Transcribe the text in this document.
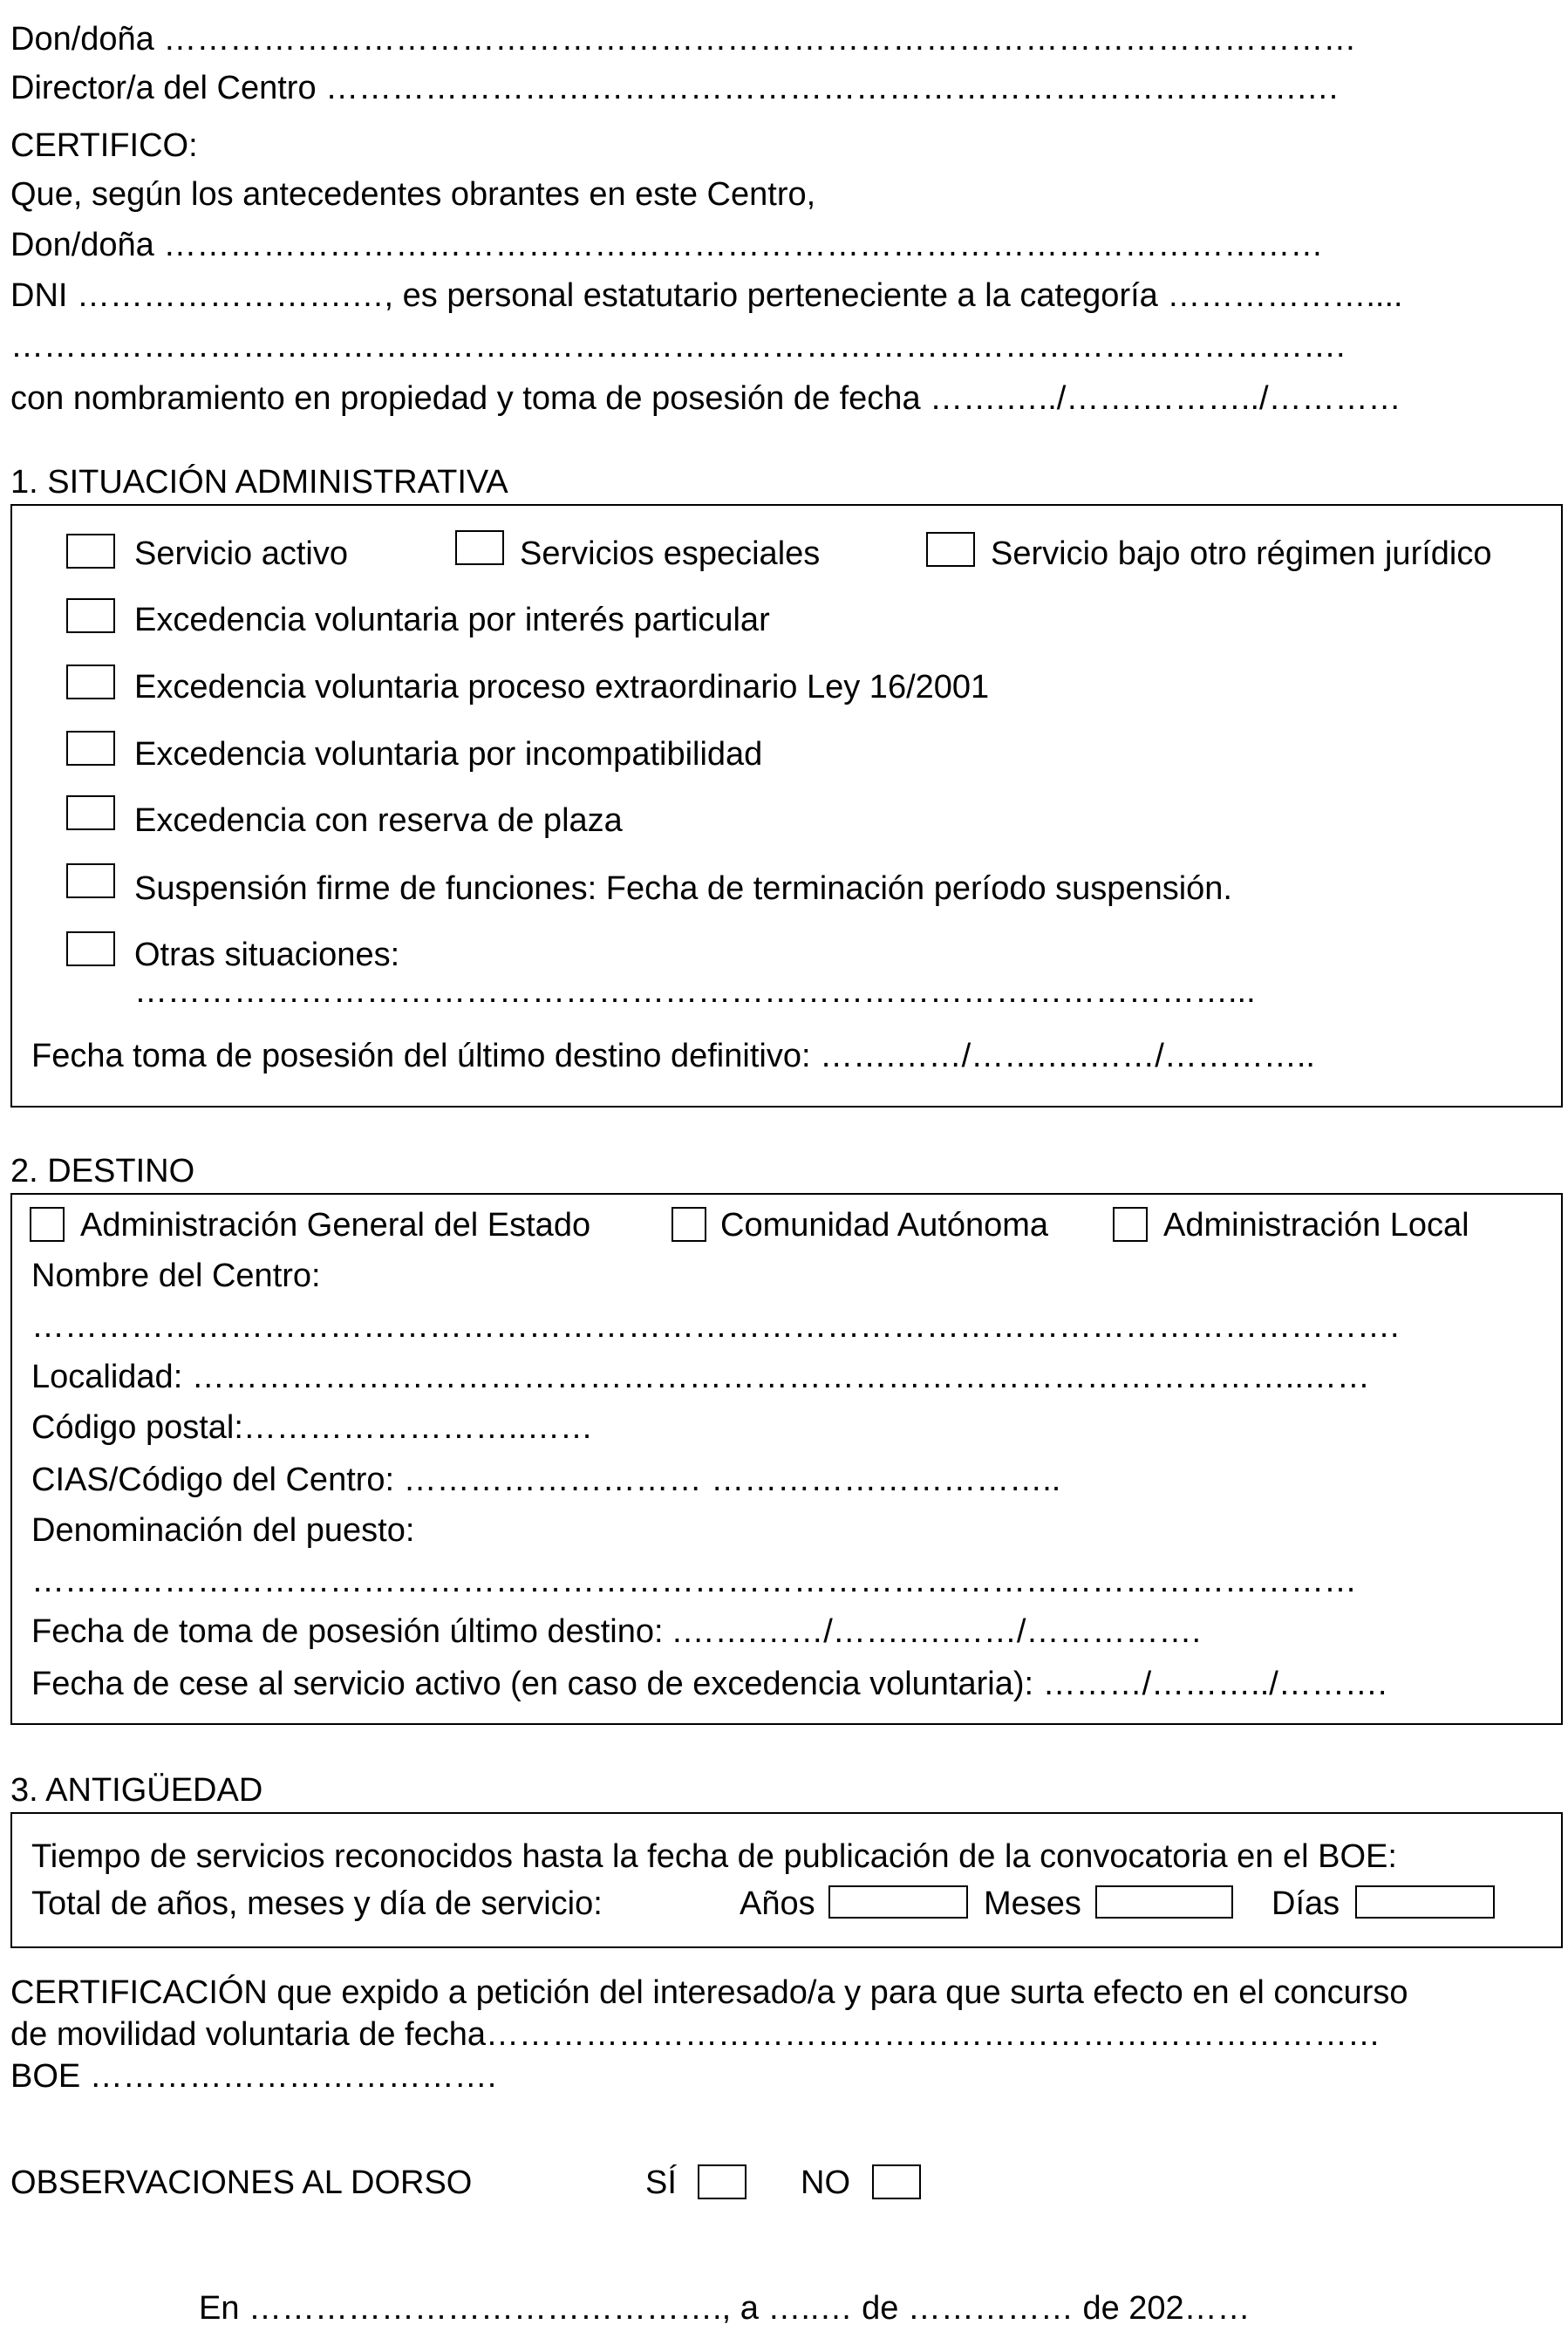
Don/doña ………………………………………………………………………………………………
Director/a del Centro …………………………………………………………………………….….
CERTIFICO:
Que, según los antecedentes obrantes en este Centro,
Don/doña ……………………………………………………………………………………………
DNI …………………….…, es personal estatutario perteneciente a la categoría ………………....
………………………………………………………………………………………………………….
con nombramiento en propiedad y toma de posesión de fecha …….…../…….………../…………
1. SITUACIÓN ADMINISTRATIVA
Servicio activo	Servicios especiales	Servicio bajo otro régimen jurídico
Excedencia voluntaria por interés particular
Excedencia voluntaria proceso extraordinario Ley 16/2001
Excedencia voluntaria por incompatibilidad
Excedencia con reserva de plaza
Suspensión firme de funciones: Fecha de terminación período suspensión.
Otras situaciones:
………………………………………………………………………………………...
Fecha toma de posesión del último destino definitivo: …….……/…….….……/…………..
2. DESTINO
Administración General del Estado	Comunidad Autónoma	Administración Local
Nombre del Centro:
…………………………………………………………………………………………………………….
Localidad: ………………………………………………………………………………………..……
Código postal:……………………..……
CIAS/Código del Centro: ……………………… …………………………..
Denominación del puesto:
…………………………………………………………………………………………………………
Fecha de toma de posesión último destino: .…….……/…….….……/…………….
Fecha de cese al servicio activo (en caso de excedencia voluntaria): ………/………../……….
3. ANTIGÜEDAD
Tiempo de servicios reconocidos hasta la fecha de publicación de la convocatoria en el BOE:
Total de años, meses y día de servicio:	Años	Meses	Días
CERTIFICACIÓN que expido a petición del interesado/a y para que surta efecto en el concurso
de movilidad voluntaria de fecha………………………………………………………………………
BOE ……………………………….
OBSERVACIONES AL DORSO	SÍ	NO
En ……………………………………., a …..… de …………… de 202……
